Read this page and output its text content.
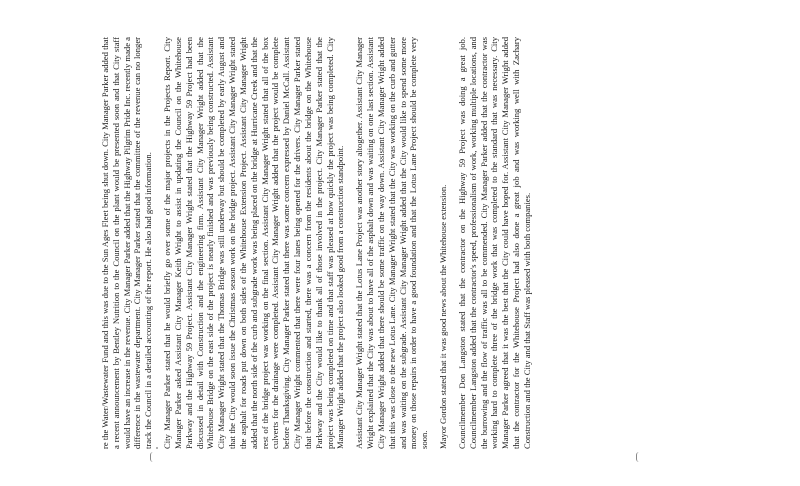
re the Water/Wastewater Fund and this was due to the Sun Ages Fleet being shut down. City Manager Parker added that a recent announcement by Bentley Nutrition to the Council on the plant would be presented soon and that City staff would have an increase in the revenue. City Manager Parker added that the Highway Pilgrim Pride Inc. recently made a difference in the wastewater department. City Manager Parker stated that the committee of the revenue can no longer track the Council in a detailed accounting of the report. He also had good information. City Manager Parker stated that he would briefly go over some of the major projects in the Projects Report. City Manager Parker asked Assistant City Manager Keith Wright to assist in updating the Council on the Whitehouse Parkway and the Highway 59 Project. Assistant City Manager Wright stated that the Highway 59 Project had been discussed in detail with Construction and the engineering firm. Assistant City Manager Wright added that the Whitehouse Bridge on the east side of the project is nearly finished and was previously being constructed. Assistant City Manager Wright stated that the Thomas Bridge was still underway but should be completed by early August and that the City would soon issue the Christmas season work on the bridge project. Assistant City Manager Wright stated the asphalt for roads put down on both sides of the Whitehouse Extension Project. Assistant City Manager Wright added that the north side of the curb and subgrade work was being placed on the bridge at Hurricane Creek and that the rest of the bridge project was working on the final section. Assistant City Manager Wright stated that all of the box culverts for the drainage were completed. Assistant City Manager Wright added that the project would be complete before Thanksgiving. City Manager Parker stated that there was some concern expressed by Daniel McCall. Assistant City Manager Wright commented that there were four lanes being opened for the drivers. City Manager Parker stated that before the construction and started, there was a concern from the residents about the bridge on the Whitehouse Parkway and the City would like to thank all of those involved in the project. City Manager Parker stated that the project was being completed on time and that staff was pleased at how quickly the project was being completed. City Manager Wright added that the project also looked good from a construction standpoint. Assistant City Manager Wright stated that the Lotus Lane Project was another story altogether. Assistant City Manager Wright explained that the City was about to have all of the asphalt down and was waiting on one last section. Assistant City Manager Wright added that there should be some traffic on the way down. Assistant City Manager Wright added that this was close to the new Lotus Lane. City Manager Wright stated that the City was working on the curb and gutter and was waiting on the subgrade. Assistant City Manager Wright added that the City would like to spend some more money on those repairs in order to have a good foundation and that the Lotus Lane Project should be complete very soon. Mayor Gordon stated that it was good news about the Whitehouse extension. Councilmember Don Langston stated that the contractor on the Highway 59 Project was doing a great job. Councilmember Langston added that the contractor's speed, professionalism of work, working multiple locations, and the burrowing and the flow of traffic was all to be commended. City Manager Parker added that the contractor was working hard to complete three of the bridge work that was completed to the standard that was necessary. City Manager Parker agreed that it was the best that the City could have hoped for. Assistant City Manager Wright added that the contractor for the Whitehouse Project had also done a great job and was working well with Zachary Construction and the City and that Staff was pleased with both companies.
